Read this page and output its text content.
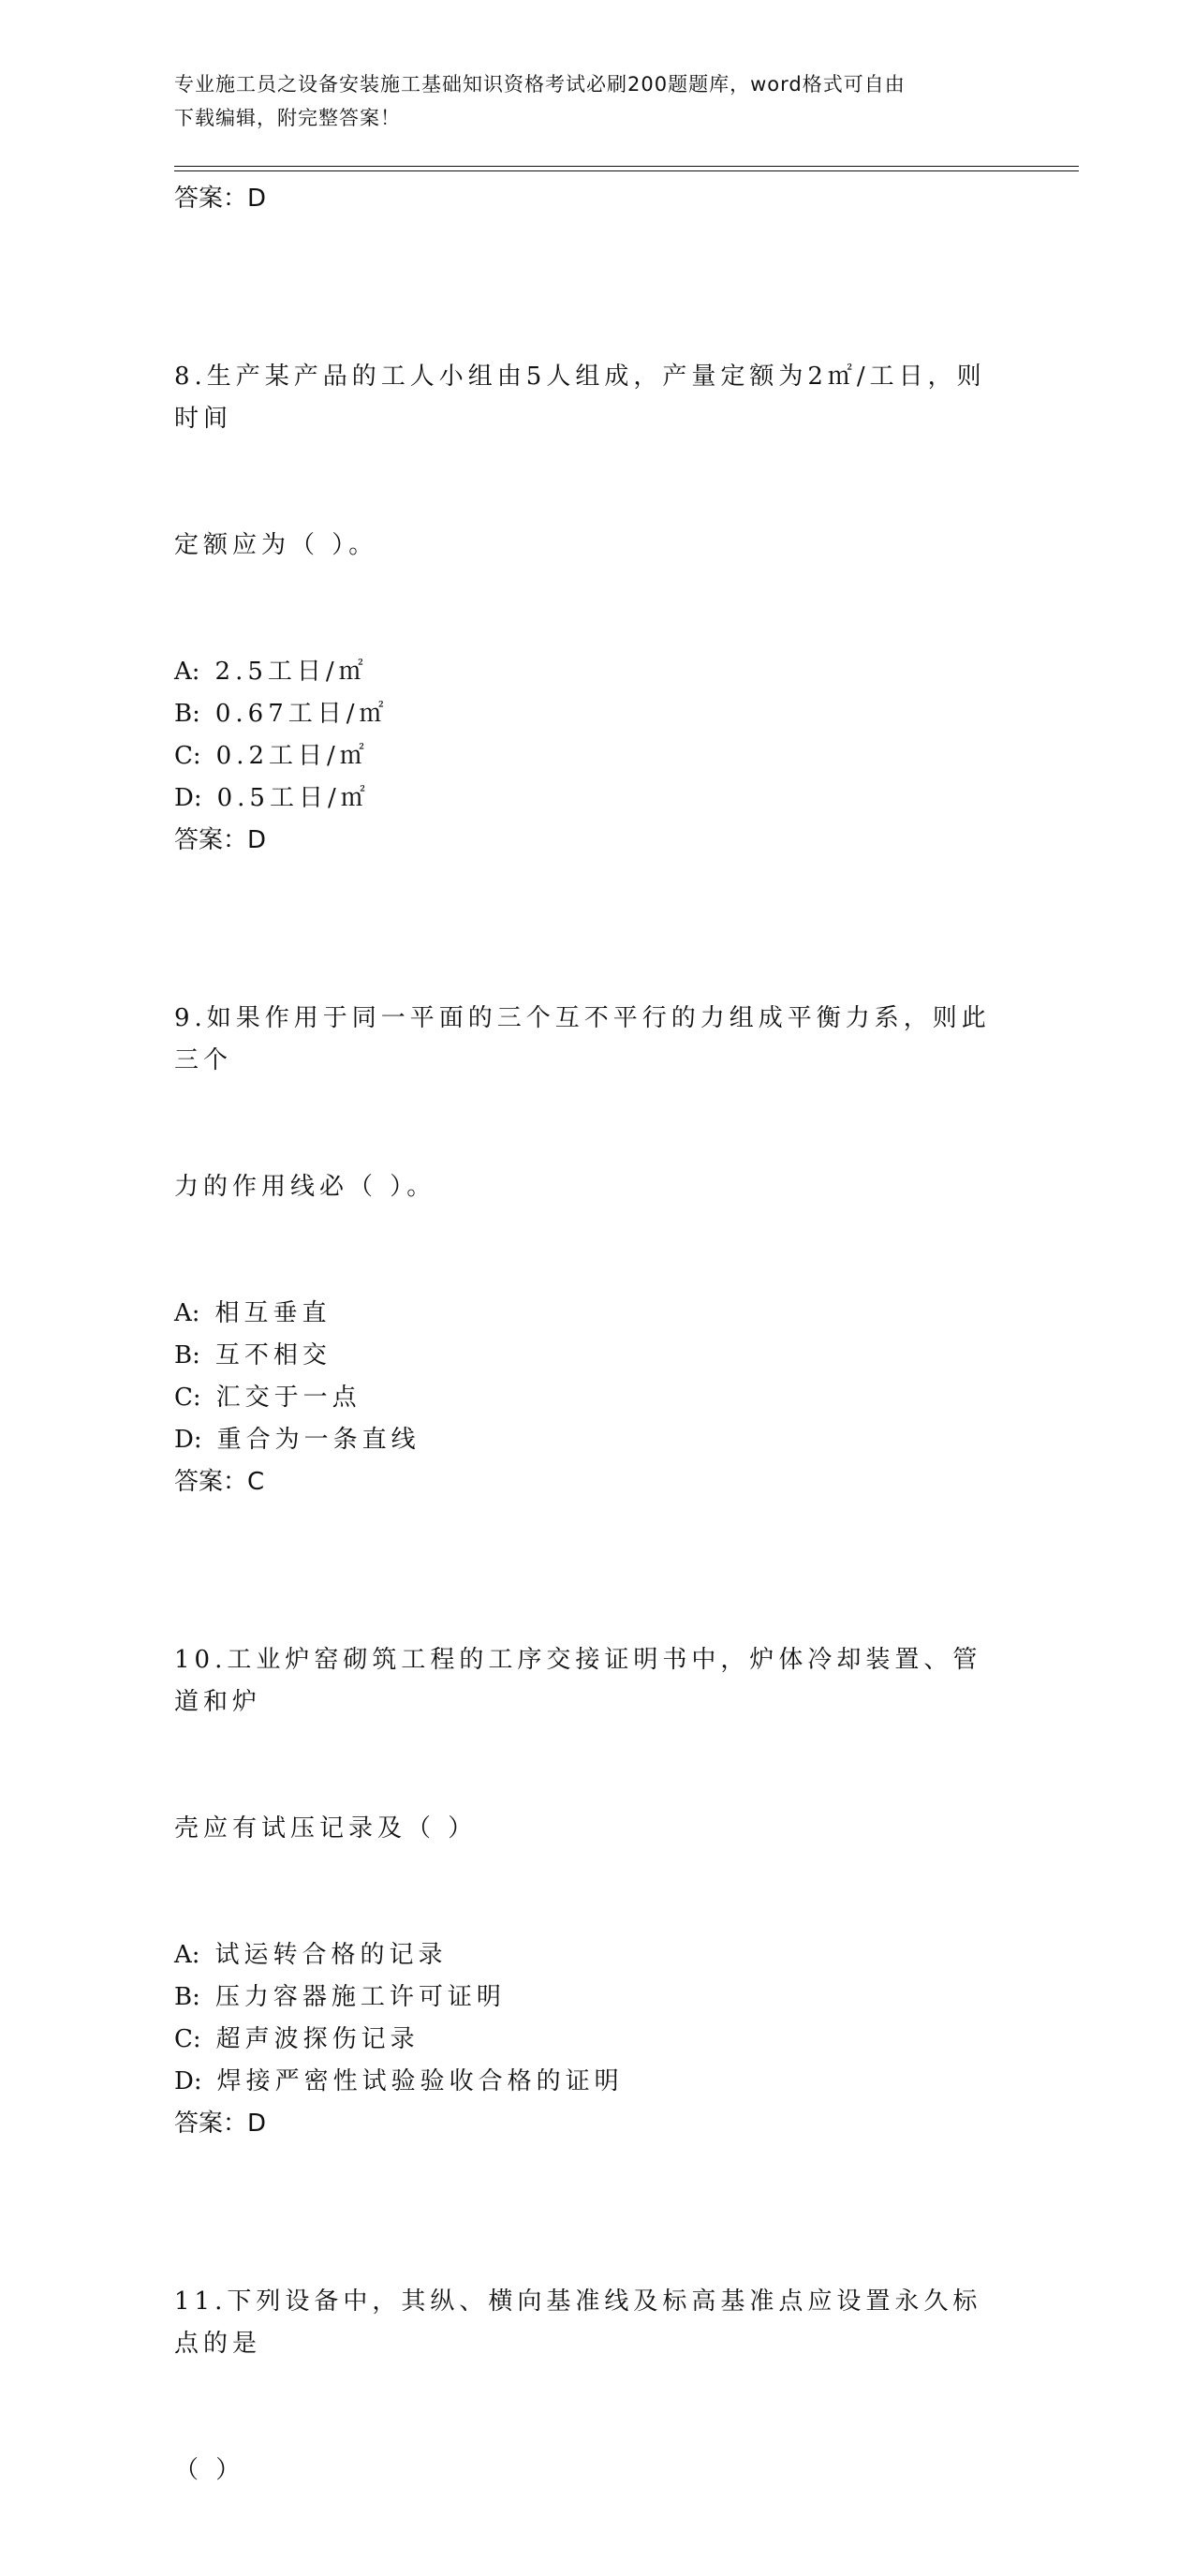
专业施工员之设备安装施工基础知识资格考试必刷200题题库，word格式可自由
下载编辑，附完整答案！
答案：D

8.生产某产品的工人小组由5人组成，产量定额为2㎡/工日，则时间

定额应为（ ）。

A: 2.5工日/㎡
B: 0.67工日/㎡
C: 0.2工日/㎡
D: 0.5工日/㎡
答案：D

9.如果作用于同一平面的三个互不平行的力组成平衡力系，则此三个

力的作用线必（ ）。

A: 相互垂直
B: 互不相交
C: 汇交于一点
D: 重合为一条直线
答案：C

10.工业炉窑砌筑工程的工序交接证明书中，炉体冷却装置、管道和炉

壳应有试压记录及（ ）

A: 试运转合格的记录
B: 压力容器施工许可证明
C: 超声波探伤记录
D: 焊接严密性试验验收合格的证明
答案：D

11.下列设备中，其纵、横向基准线及标高基准点应设置永久标点的是

（ ）
